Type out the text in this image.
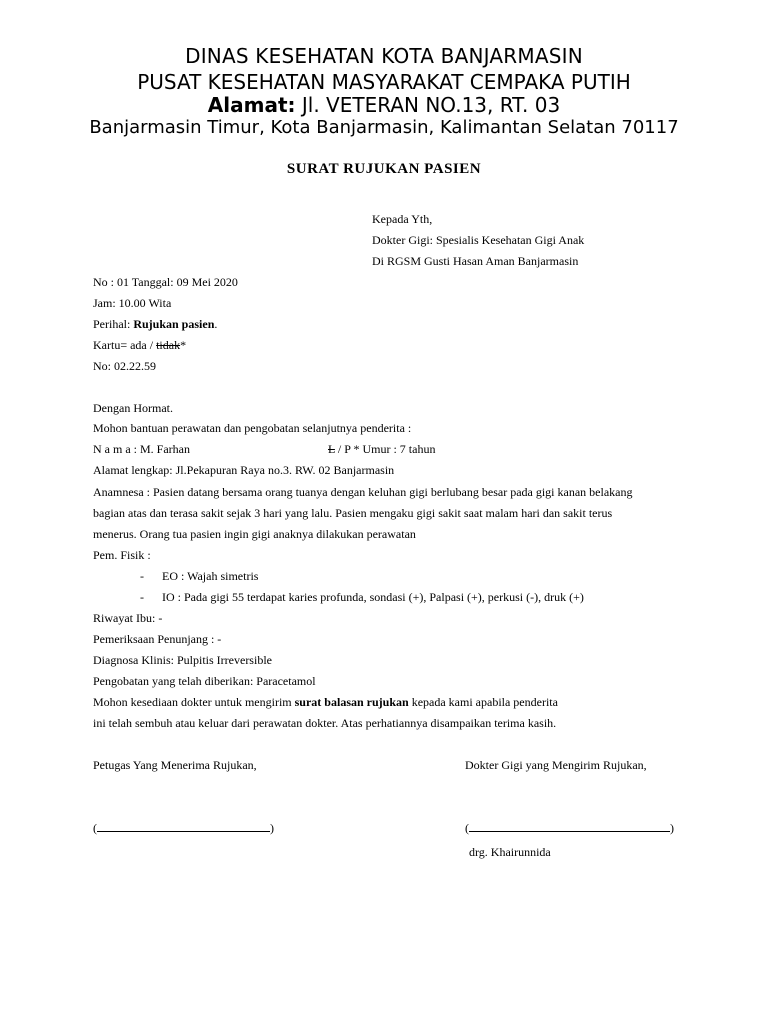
DINAS KESEHATAN KOTA BANJARMASIN
PUSAT KESEHATAN MASYARAKAT CEMPAKA PUTIH
Alamat: Jl. VETERAN NO.13, RT. 03
Banjarmasin Timur, Kota Banjarmasin, Kalimantan Selatan 70117
SURAT RUJUKAN PASIEN
Kepada Yth,
Dokter Gigi: Spesialis Kesehatan Gigi Anak
Di RGSM Gusti Hasan Aman Banjarmasin
No : 01 Tanggal: 09 Mei 2020
Jam: 10.00 Wita
Perihal: Rujukan pasien.
Kartu= ada / tidak*
No: 02.22.59
Dengan Hormat.
Mohon bantuan perawatan dan pengobatan selanjutnya penderita :
N a m a : M. Farhan	L / P * Umur : 7 tahun
Alamat lengkap: Jl.Pekapuran Raya no.3. RW. 02 Banjarmasin
Anamnesa : Pasien datang bersama orang tuanya dengan keluhan gigi berlubang besar pada gigi kanan belakang
bagian atas dan terasa sakit sejak 3 hari yang lalu. Pasien mengaku gigi sakit saat malam hari dan sakit terus
menerus. Orang tua pasien ingin gigi anaknya dilakukan perawatan
Pem. Fisik :
- EO : Wajah simetris
- IO : Pada gigi 55 terdapat karies profunda, sondasi (+), Palpasi (+), perkusi (-), druk (+)
Riwayat Ibu: -
Pemeriksaan Penunjang : -
Diagnosa Klinis: Pulpitis Irreversible
Pengobatan yang telah diberikan: Paracetamol
Mohon kesediaan dokter untuk mengirim surat balasan rujukan kepada kami apabila penderita
ini telah sembuh atau keluar dari perawatan dokter. Atas perhatiannya disampaikan terima kasih.
Petugas Yang Menerima Rujukan,	Dokter Gigi yang Mengirim Rujukan,
(	)	(	)
drg. Khairunnida
